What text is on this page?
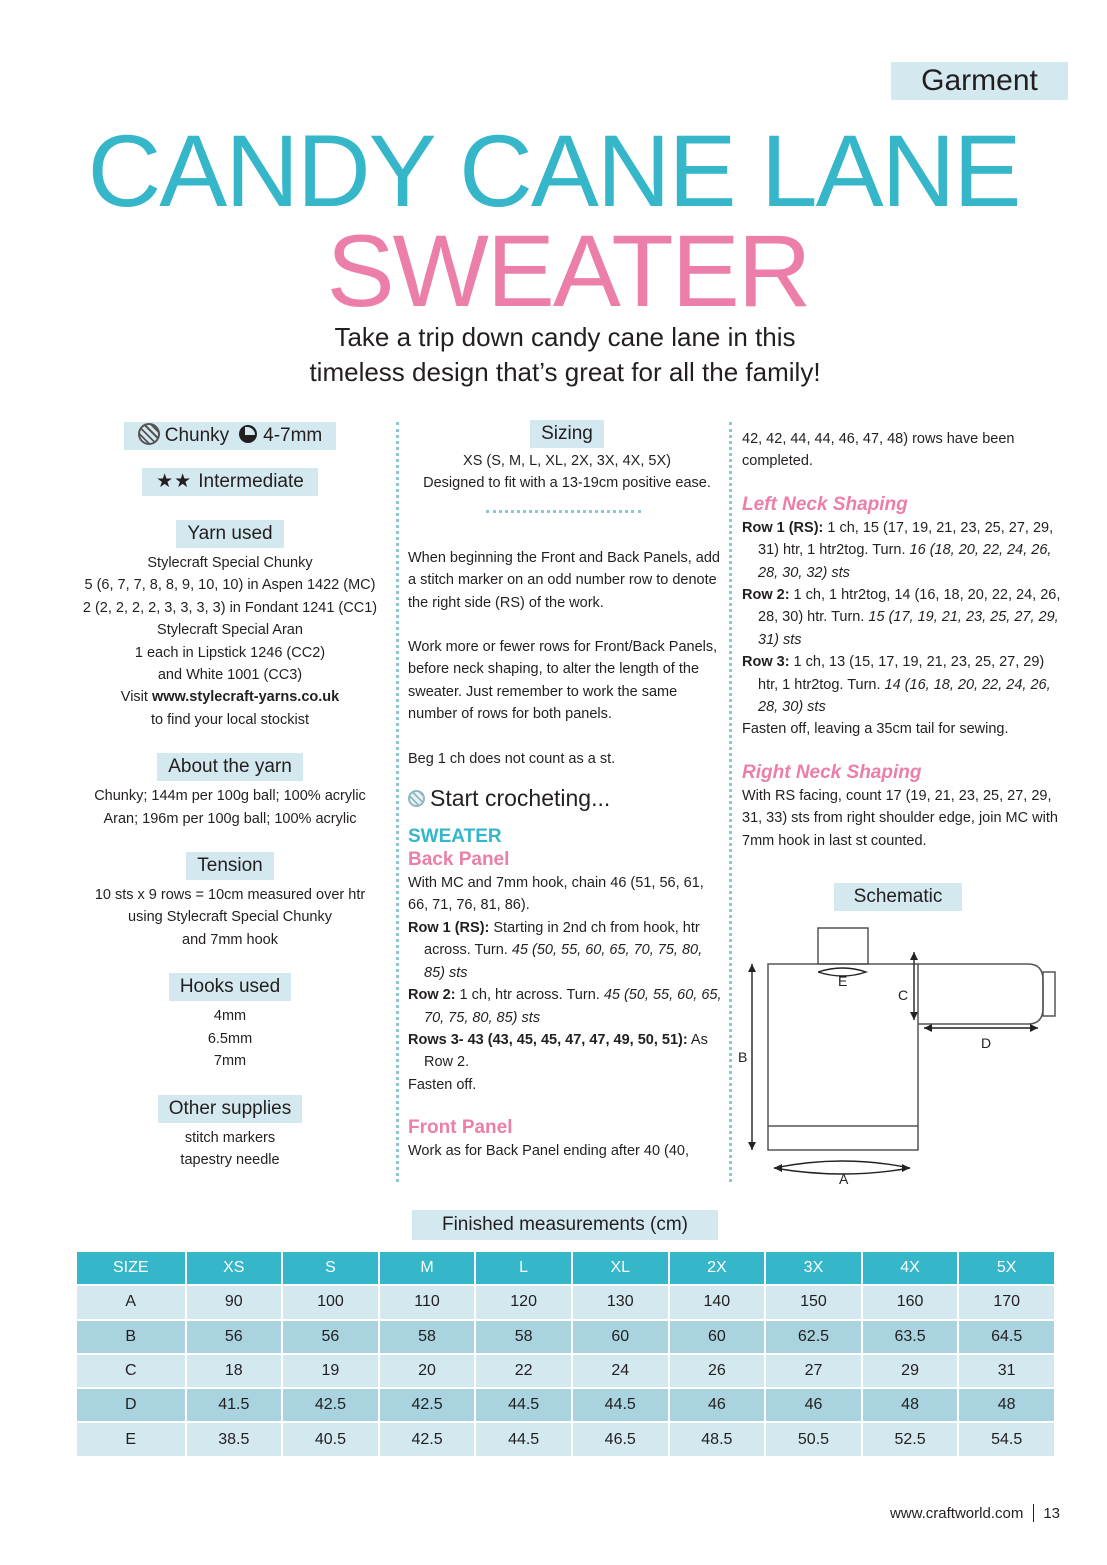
Garment
CANDY CANE LANE
SWEATER
Take a trip down candy cane lane in this
timeless design that’s great for all the family!
Chunky 4-7mm
★★ Intermediate
Yarn used
Stylecraft Special Chunky
5 (6, 7, 7, 8, 8, 9, 10, 10) in Aspen 1422 (MC)
2 (2, 2, 2, 2, 3, 3, 3, 3) in Fondant 1241 (CC1)
Stylecraft Special Aran
1 each in Lipstick 1246 (CC2)
and White 1001 (CC3)
Visit www.stylecraft-yarns.co.uk
to find your local stockist
About the yarn
Chunky; 144m per 100g ball; 100% acrylic
Aran; 196m per 100g ball; 100% acrylic
Tension
10 sts x 9 rows = 10cm measured over htr
using Stylecraft Special Chunky
and 7mm hook
Hooks used
4mm
6.5mm
7mm
Other supplies
stitch markers
tapestry needle
Sizing
XS (S, M, L, XL, 2X, 3X, 4X, 5X)
Designed to fit with a 13-19cm positive ease.

When beginning the Front and Back Panels, add a stitch marker on an odd number row to denote the right side (RS) of the work.

Work more or fewer rows for Front/Back Panels, before neck shaping, to alter the length of the sweater. Just remember to work the same number of rows for both panels.

Beg 1 ch does not count as a st.

Start crocheting...
SWEATER
Back Panel

With MC and 7mm hook, chain 46 (51, 56, 61, 66, 71, 76, 81, 86).

Row 1 (RS): Starting in 2nd ch from hook, htr across. Turn. 45 (50, 55, 60, 65, 70, 75, 80, 85) sts

Row 2: 1 ch, htr across. Turn. 45 (50, 55, 60, 65, 70, 75, 80, 85) sts

Rows 3- 43 (43, 45, 45, 47, 47, 49, 50, 51): As Row 2.

Fasten off.

Front Panel

Work as for Back Panel ending after 40 (40,

42, 42, 44, 44, 46, 47, 48) rows have been completed.

Left Neck Shaping

Row 1 (RS): 1 ch, 15 (17, 19, 21, 23, 25, 27, 29, 31) htr, 1 htr2tog. Turn. 16 (18, 20, 22, 24, 26, 28, 30, 32) sts

Row 2: 1 ch, 1 htr2tog, 14 (16, 18, 20, 22, 24, 26, 28, 30) htr. Turn. 15 (17, 19, 21, 23, 25, 27, 29, 31) sts

Row 3: 1 ch, 13 (15, 17, 19, 21, 23, 25, 27, 29) htr, 1 htr2tog. Turn. 14 (16, 18, 20, 22, 24, 26, 28, 30) sts

Fasten off, leaving a 35cm tail for sewing.

Right Neck Shaping

With RS facing, count 17 (19, 21, 23, 25, 27, 29, 31, 33) sts from right shoulder edge, join MC with 7mm hook in last st counted.

Schematic
B
C
D
A
E
Finished measurements (cm)
SIZE	XS	S	M	L	XL	2X	3X	4X	5X
A	90	100	110	120	130	140	150	160	170
B	56	56	58	58	60	60	62.5	63.5	64.5
C	18	19	20	22	24	26	27	29	31
D	41.5	42.5	42.5	44.5	44.5	46	46	48	48
E	38.5	40.5	42.5	44.5	46.5	48.5	50.5	52.5	54.5
www.craftworld.com 13
